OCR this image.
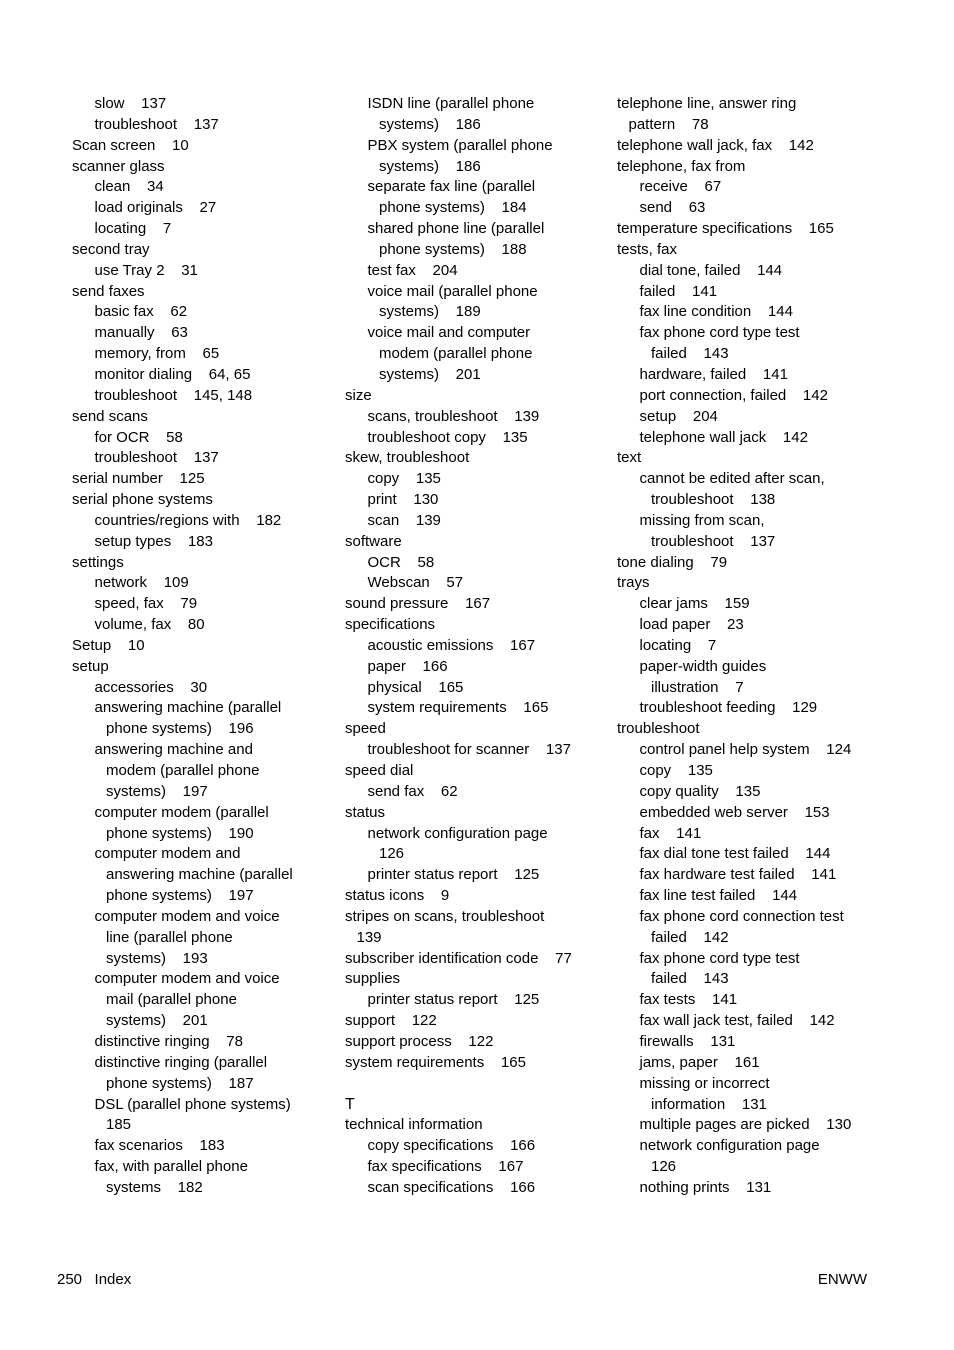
slow    137
troubleshoot    137
Scan screen    10
scanner glass
clean    34
load originals    27
locating    7
second tray
use Tray 2    31
send faxes
basic fax    62
manually    63
memory, from    65
monitor dialing    64, 65
troubleshoot    145, 148
send scans
for OCR    58
troubleshoot    137
serial number    125
serial phone systems
countries/regions with    182
setup types    183
settings
network    109
speed, fax    79
volume, fax    80
Setup    10
setup
accessories    30
answering machine (parallel
phone systems)    196
answering machine and
modem (parallel phone
systems)    197
computer modem (parallel
phone systems)    190
computer modem and
answering machine (parallel
phone systems)    197
computer modem and voice
line (parallel phone
systems)    193
computer modem and voice
mail (parallel phone
systems)    201
distinctive ringing    78
distinctive ringing (parallel
phone systems)    187
DSL (parallel phone systems)
185
fax scenarios    183
fax, with parallel phone
systems    182
ISDN line (parallel phone
systems)    186
PBX system (parallel phone
systems)    186
separate fax line (parallel
phone systems)    184
shared phone line (parallel
phone systems)    188
test fax    204
voice mail (parallel phone
systems)    189
voice mail and computer
modem (parallel phone
systems)    201
size
scans, troubleshoot    139
troubleshoot copy    135
skew, troubleshoot
copy    135
print    130
scan    139
software
OCR    58
Webscan    57
sound pressure    167
specifications
acoustic emissions    167
paper    166
physical    165
system requirements    165
speed
troubleshoot for scanner    137
speed dial
send fax    62
status
network configuration page
126
printer status report    125
status icons    9
stripes on scans, troubleshoot
139
subscriber identification code    77
supplies
printer status report    125
support    122
support process    122
system requirements    165
T
technical information
copy specifications    166
fax specifications    167
scan specifications    166
telephone line, answer ring
pattern    78
telephone wall jack, fax    142
telephone, fax from
receive    67
send    63
temperature specifications    165
tests, fax
dial tone, failed    144
failed    141
fax line condition    144
fax phone cord type test
failed    143
hardware, failed    141
port connection, failed    142
setup    204
telephone wall jack    142
text
cannot be edited after scan,
troubleshoot    138
missing from scan,
troubleshoot    137
tone dialing    79
trays
clear jams    159
load paper    23
locating    7
paper-width guides
illustration    7
troubleshoot feeding    129
troubleshoot
control panel help system    124
copy    135
copy quality    135
embedded web server    153
fax    141
fax dial tone test failed    144
fax hardware test failed    141
fax line test failed    144
fax phone cord connection test
failed    142
fax phone cord type test
failed    143
fax tests    141
fax wall jack test, failed    142
firewalls    131
jams, paper    161
missing or incorrect
information    131
multiple pages are picked    130
network configuration page
126
nothing prints    131
250 Index	ENWW
